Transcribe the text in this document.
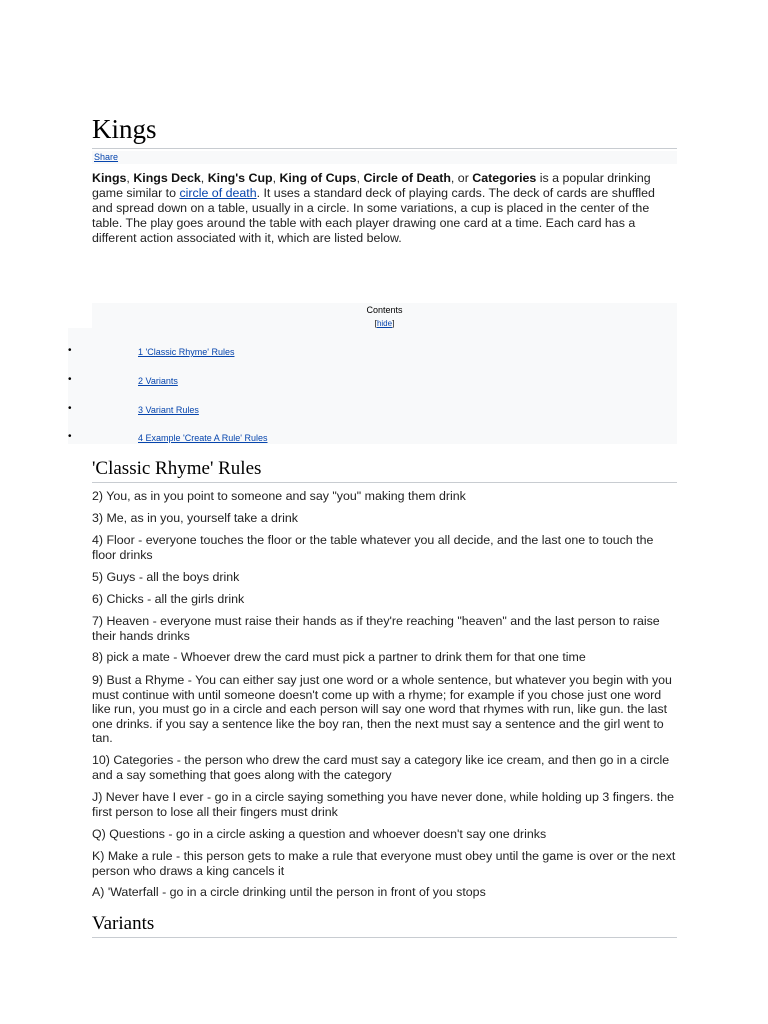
Kings
Share

Kings, Kings Deck, King's Cup, King of Cups, Circle of Death, or Categories is a popular drinking game similar to circle of death. It uses a standard deck of playing cards. The deck of cards are shuffled and spread down on a table, usually in a circle. In some variations, a cup is placed in the center of the table. The play goes around the table with each player drawing one card at a time. Each card has a different action associated with it, which are listed below.

Contents
[hide]
•	1 'Classic Rhyme' Rules
•	2 Variants
•	3 Variant Rules
•	4 Example 'Create A Rule' Rules
'Classic Rhyme' Rules

2) You, as in you point to someone and say "you" making them drink

3) Me, as in you, yourself take a drink

4) Floor - everyone touches the floor or the table whatever you all decide, and the last one to touch the floor drinks

5) Guys - all the boys drink

6) Chicks - all the girls drink

7) Heaven - everyone must raise their hands as if they're reaching "heaven" and the last person to raise their hands drinks

8) pick a mate - Whoever drew the card must pick a partner to drink them for that one time

9) Bust a Rhyme - You can either say just one word or a whole sentence, but whatever you begin with you must continue with until someone doesn't come up with a rhyme; for example if you chose just one word like run, you must go in a circle and each person will say one word that rhymes with run, like gun. the last one drinks. if you say a sentence like the boy ran, then the next must say a sentence and the girl went to tan.

10) Categories - the person who drew the card must say a category like ice cream, and then go in a circle and a say something that goes along with the category

J) Never have I ever - go in a circle saying something you have never done, while holding up 3 fingers. the first person to lose all their fingers must drink

Q) Questions - go in a circle asking a question and whoever doesn't say one drinks

K) Make a rule - this person gets to make a rule that everyone must obey until the game is over or the next person who draws a king cancels it

A) 'Waterfall - go in a circle drinking until the person in front of you stops

Variants
